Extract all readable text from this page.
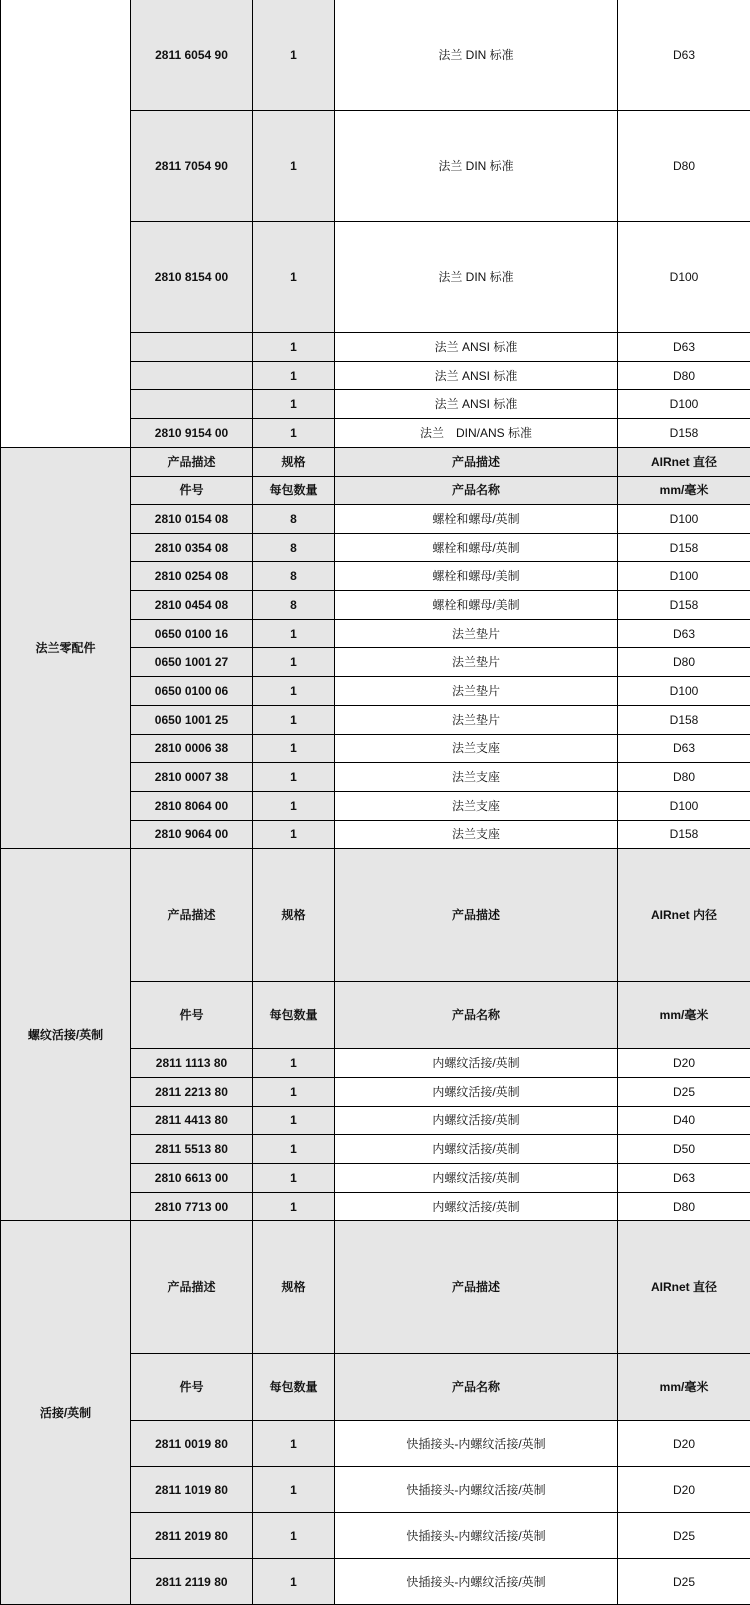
	2811 6054 90	1	法兰 DIN 标准	D63	
	2811 7054 90	1	法兰 DIN 标准	D80	
	2810 8154 00	1	法兰 DIN 标准	D100	
		1	法兰 ANSI 标准	D63	
		1	法兰 ANSI 标准	D80	
		1	法兰 ANSI 标准	D100	
	2810 9154 00	1	法兰　DIN/ANS 标准	D158	
法兰零配件	产品描述	规格	产品描述	AIRnet 直径	
	件号	每包数量	产品名称	mm/毫米	
	2810 0154 08	8	螺栓和螺母/英制	D100	
	2810 0354 08	8	螺栓和螺母/英制	D158	
	2810 0254 08	8	螺栓和螺母/美制	D100	
	2810 0454 08	8	螺栓和螺母/美制	D158	
	0650 0100 16	1	法兰垫片	D63	
	0650 1001 27	1	法兰垫片	D80	
	0650 0100 06	1	法兰垫片	D100	
	0650 1001 25	1	法兰垫片	D158	
	2810 0006 38	1	法兰支座	D63	
	2810 0007 38	1	法兰支座	D80	
	2810 8064 00	1	法兰支座	D100	
	2810 9064 00	1	法兰支座	D158	
螺纹活接/英制	产品描述	规格	产品描述	AIRnet 内径	
	件号	每包数量	产品名称	mm/毫米	
	2811 1113 80	1	内螺纹活接/英制	D20	
	2811 2213 80	1	内螺纹活接/英制	D25	
	2811 4413 80	1	内螺纹活接/英制	D40	
	2811 5513 80	1	内螺纹活接/英制	D50	
	2810 6613 00	1	内螺纹活接/英制	D63	
	2810 7713 00	1	内螺纹活接/英制	D80	
活接/英制	产品描述	规格	产品描述	AIRnet 直径	
	件号	每包数量	产品名称	mm/毫米	
	2811 0019 80	1	快插接头-内螺纹活接/英制	D20	
	2811 1019 80	1	快插接头-内螺纹活接/英制	D20	
	2811 2019 80	1	快插接头-内螺纹活接/英制	D25	
	2811 2119 80	1	快插接头-内螺纹活接/英制	D25	
